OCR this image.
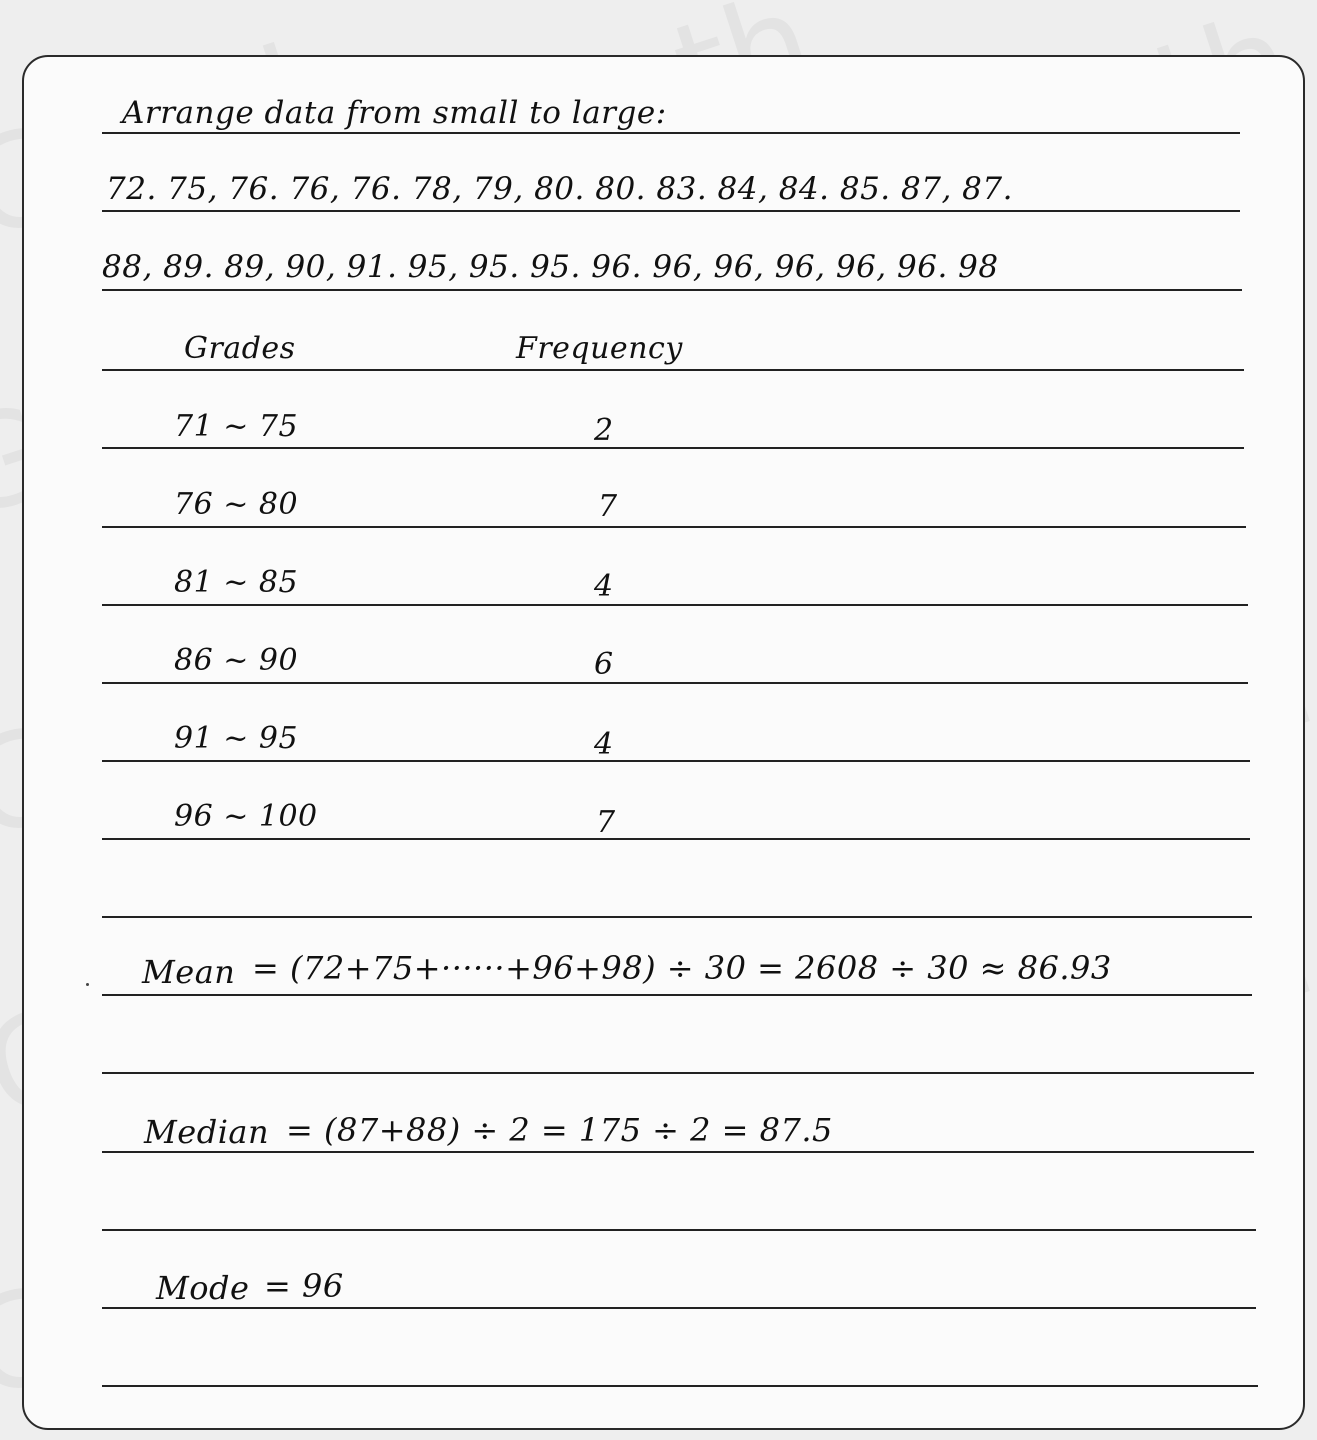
Arrange data from small to large:
72. 75, 76. 76, 76. 78, 79, 80. 80. 83. 84, 84. 85. 87, 87.
88, 89. 89, 90, 91. 95, 95. 95. 96. 96, 96, 96, 96, 96. 98
Grades	Frequency
71 ~ 75	2
76 ~ 80	7
81 ~ 85	4
86 ~ 90	6
91 ~ 95	4
96 ~ 100	7
Mean = (72+75+······+96+98) ÷ 30 = 2608 ÷ 30 ≈ 86.93
Median = (87+88) ÷ 2 = 175 ÷ 2 = 87.5
Mode = 96
